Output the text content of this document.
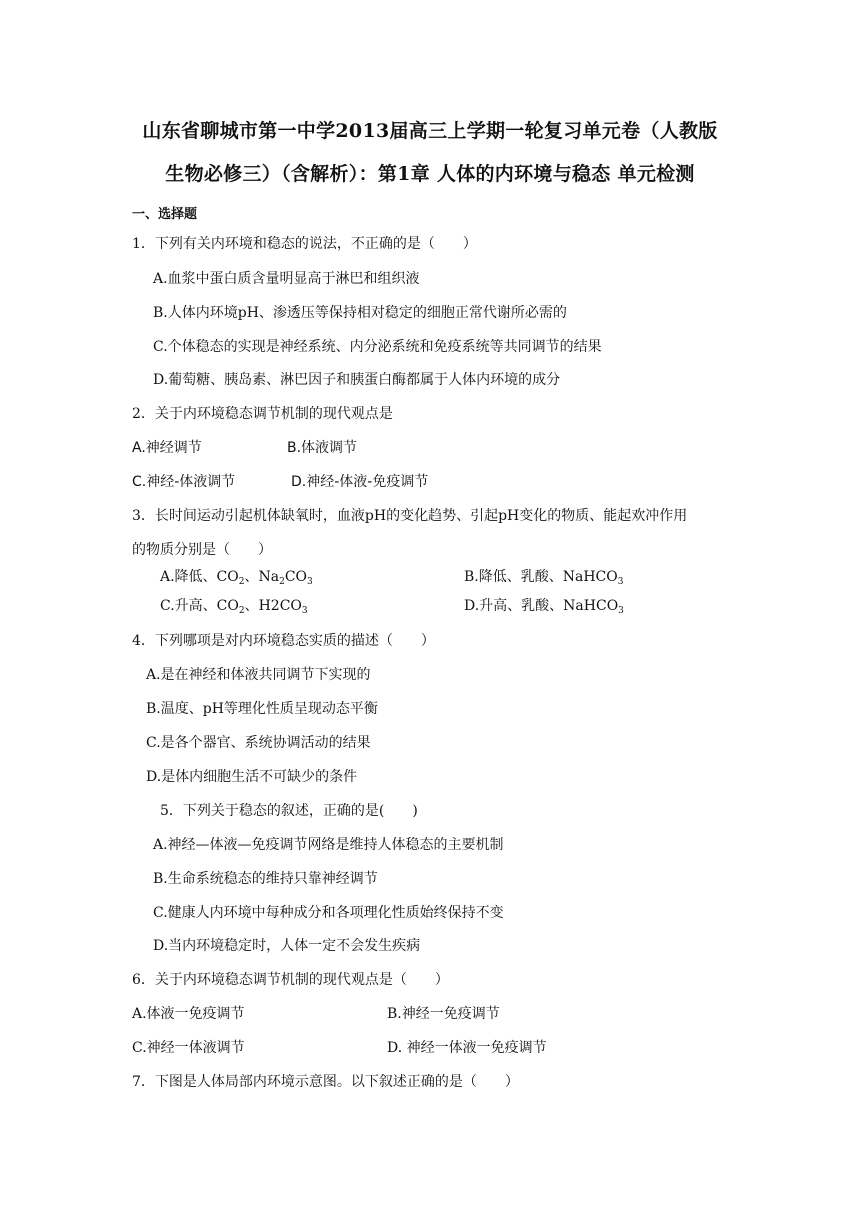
山东省聊城市第一中学2013届高三上学期一轮复习单元卷（人教版
生物必修三）（含解析）：第1章 人体的内环境与稳态 单元检测
一、选择题
1．下列有关内环境和稳态的说法，不正确的是（　　）
A.血浆中蛋白质含量明显高于淋巴和组织液
B.人体内环境pH、渗透压等保持相对稳定的细胞正常代谢所必需的
C.个体稳态的实现是神经系统、内分泌系统和免疫系统等共同调节的结果
D.葡萄糖、胰岛素、淋巴因子和胰蛋白酶都属于人体内环境的成分
2．关于内环境稳态调节机制的现代观点是
A.神经调节	B.体液调节
C.神经-体液调节	D.神经-体液-免疫调节
3．长时间运动引起机体缺氧时，血液pH的变化趋势、引起pH变化的物质、能起欢冲作用
的物质分别是（　　）
A.降低、$CO_2$、$Na_2CO_3$	B.降低、乳酸、NaHCO$_3$
C.升高、$CO_2$、$H2CO_3$	D.升高、乳酸、NaHCO$_3$
4．下列哪项是对内环境稳态实质的描述（　　）
A.是在神经和体液共同调节下实现的
B.温度、pH等理化性质呈现动态平衡
C.是各个器官、系统协调活动的结果
D.是体内细胞生活不可缺少的条件
5．下列关于稳态的叙述，正确的是(　　)
A.神经—体液—免疫调节网络是维持人体稳态的主要机制
B.生命系统稳态的维持只靠神经调节
C.健康人内环境中每种成分和各项理化性质始终保持不变
D.当内环境稳定时，人体一定不会发生疾病
6．关于内环境稳态调节机制的现代观点是（　　）
A.体液一免疫调节	B.神经一免疫调节
C.神经一体液调节	D. 神经一体液一免疫调节
7．下图是人体局部内环境示意图。以下叙述正确的是（　　）
